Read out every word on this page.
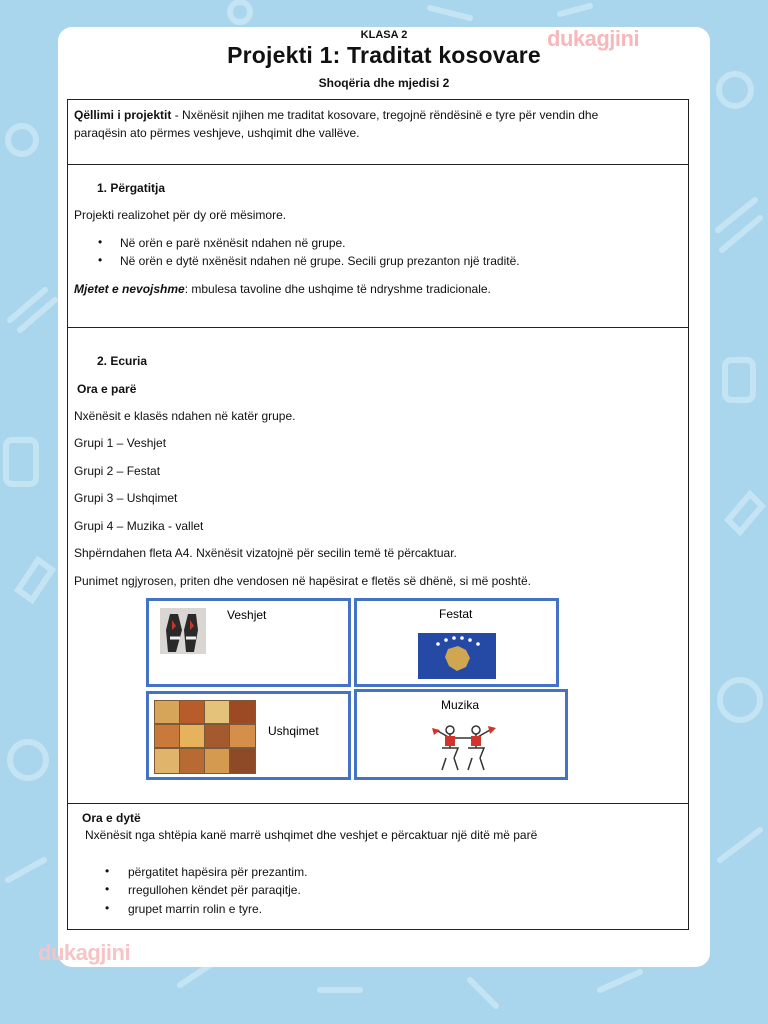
KLASA 2
Projekti 1: Traditat kosovare
Shoqëria dhe mjedisi 2
dukagjini
Qëllimi i projektit - Nxënësit njihen me traditat kosovare, tregojnë rëndësinë e tyre për vendin dhe
paraqësin ato përmes veshjeve, ushqimit dhe vallëve.
1. Përgatitja
Projekti realizohet për dy orë mësimore.
• Në orën e parë nxënësit ndahen në grupe.
• Në orën e dytë nxënësit ndahen në grupe. Secili grup prezanton një traditë.
Mjetet e nevojshme: mbulesa tavoline dhe ushqime të ndryshme tradicionale.
2. Ecuria
Ora e parë
Nxënësit e klasës ndahen në katër grupe.
Grupi 1 – Veshjet
Grupi 2 – Festat
Grupi 3 – Ushqimet
Grupi 4 – Muzika - vallet
Shpërndahen fleta A4. Nxënësit vizatojnë për secilin temë të përcaktuar.
Punimet ngjyrosen, priten dhe vendosen në hapësirat e fletës së dhënë, si më poshtë.
Veshjet	Festat
Ushqimet
Muzika
Ora e dytë
Nxënësit nga shtëpia kanë marrë ushqimet dhe veshjet e përcaktuar një ditë më parë
• përgatitet hapësira për prezantim.
• rregullohen këndet për paraqitje.
• grupet marrin rolin e tyre.
dukagjini
